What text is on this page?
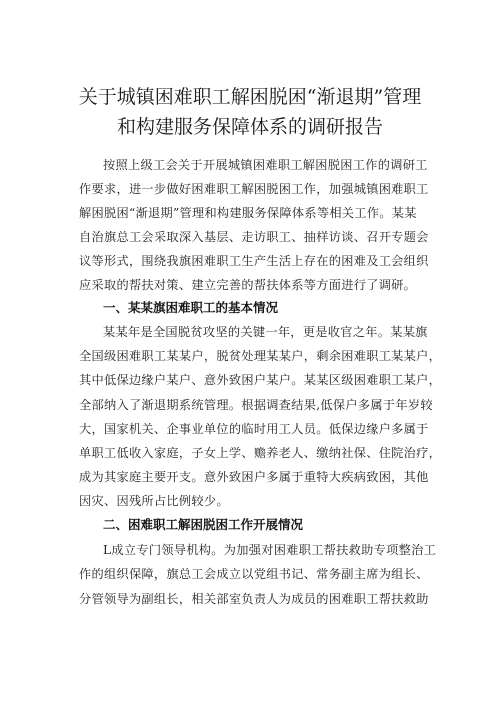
关于城镇困难职工解困脱困“渐退期”管理
和构建服务保障体系的调研报告
按照上级工会关于开展城镇困难职工解困脱困工作的调研工
作要求，进一步做好困难职工解困脱困工作，加强城镇困难职工
解困脱困“渐退期”管理和构建服务保障体系等相关工作。某某
自治旗总工会采取深入基层、走访职工、抽样访谈、召开专题会
议等形式，围绕我旗困难职工生产生活上存在的困难及工会组织
应采取的帮扶对策、建立完善的帮扶体系等方面进行了调研。
一、某某旗困难职工的基本情况
某某年是全国脱贫攻坚的关键一年，更是收官之年。某某旗
全国级困难职工某某户，脱贫处理某某户，剩余困难职工某某户，
其中低保边缘户某户、意外致困户某户。某某区级困难职工某户，
全部纳入了渐退期系统管理。根据调查结果,低保户多属于年岁较
大，国家机关、企事业单位的临时用工人员。低保边缘户多属于
单职工低收入家庭，子女上学、赡养老人、缴纳社保、住院治疗，
成为其家庭主要开支。意外致困户多属于重特大疾病致困，其他
因灾、因残所占比例较少。
二、困难职工解困脱困工作开展情况
L成立专门领导机构。为加强对困难职工帮扶救助专项整治工
作的组织保障，旗总工会成立以党组书记、常务副主席为组长、
分管领导为副组长，相关部室负责人为成员的困难职工帮扶救助
